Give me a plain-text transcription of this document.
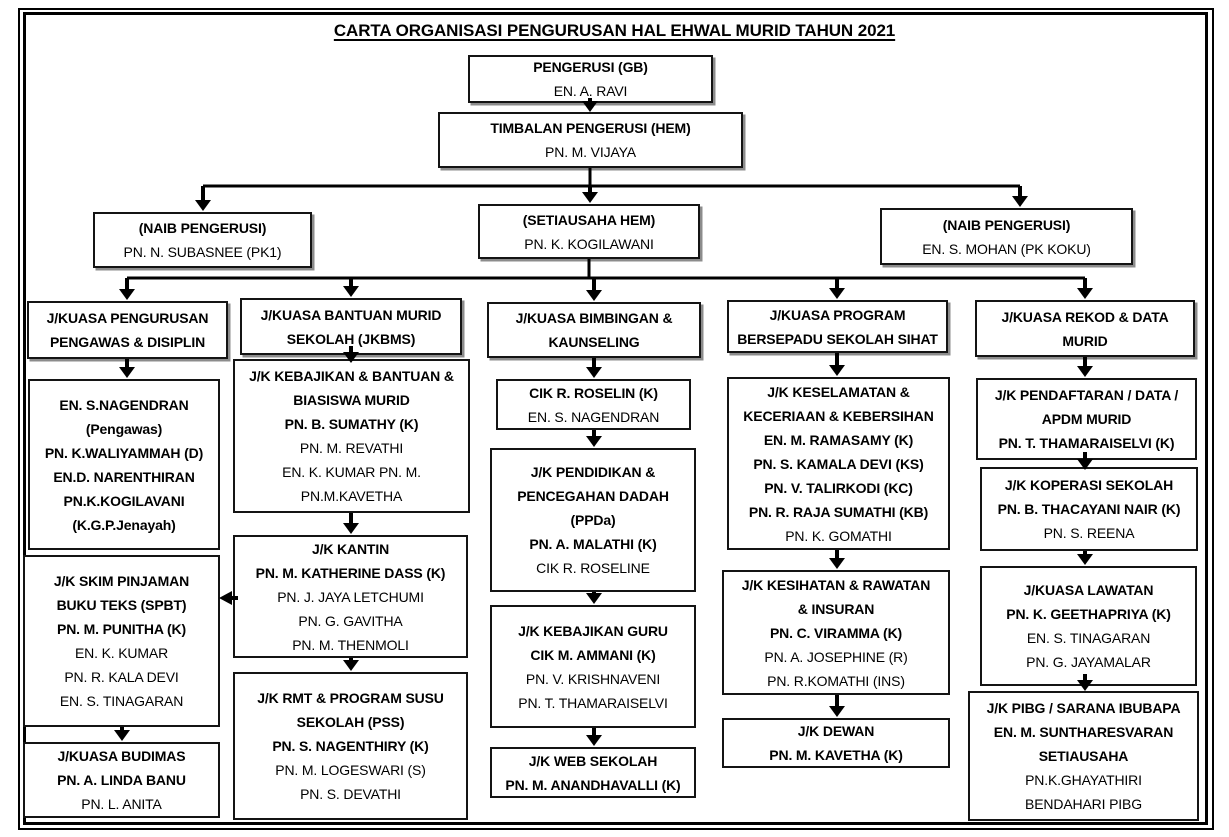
CARTA ORGANISASI PENGURUSAN HAL EHWAL MURID TAHUN 2021
PENGERUSI (GB)
EN. A. RAVI
TIMBALAN PENGERUSI (HEM)
PN. M. VIJAYA
(NAIB PENGERUSI)
PN. N. SUBASNEE (PK1)
(SETIAUSAHA HEM)
PN. K. KOGILAWANI
(NAIB PENGERUSI)
EN. S. MOHAN (PK KOKU)
J/KUASA PENGURUSAN
PENGAWAS & DISIPLIN
EN. S.NAGENDRAN
(Pengawas)
PN. K.WALIYAMMAH (D)
EN.D. NARENTHIRAN
PN.K.KOGILAVANI
(K.G.P.Jenayah)
J/K SKIM PINJAMAN
BUKU TEKS (SPBT)
PN. M. PUNITHA (K)
EN. K. KUMAR
PN. R. KALA DEVI
EN. S. TINAGARAN
J/KUASA BUDIMAS
PN. A. LINDA BANU
PN. L. ANITA
J/KUASA BANTUAN MURID
SEKOLAH (JKBMS)
J/K KEBAJIKAN & BANTUAN &
BIASISWA MURID
PN. B. SUMATHY (K)
PN. M. REVATHI
EN. K. KUMAR PN. M.
PN.M.KAVETHA
J/K KANTIN
PN. M. KATHERINE DASS (K)
PN. J. JAYA LETCHUMI
PN. G. GAVITHA
PN. M. THENMOLI
J/K RMT & PROGRAM SUSU
SEKOLAH (PSS)
PN. S. NAGENTHIRY (K)
PN. M. LOGESWARI (S)
PN. S. DEVATHI
J/KUASA BIMBINGAN &
KAUNSELING
CIK R. ROSELIN (K)
EN. S. NAGENDRAN
J/K PENDIDIKAN &
PENCEGAHAN DADAH
(PPDa)
PN. A. MALATHI (K)
CIK R. ROSELINE
J/K KEBAJIKAN GURU
CIK M. AMMANI (K)
PN. V. KRISHNAVENI
PN. T. THAMARAISELVI
J/K WEB SEKOLAH
PN. M. ANANDHAVALLI (K)
J/KUASA PROGRAM
BERSEPADU SEKOLAH SIHAT
J/K KESELAMATAN &
KECERIAAN & KEBERSIHAN
EN. M. RAMASAMY (K)
PN. S. KAMALA DEVI (KS)
PN. V. TALIRKODI (KC)
PN. R. RAJA SUMATHI (KB)
PN. K. GOMATHI
J/K KESIHATAN & RAWATAN
& INSURAN
PN. C. VIRAMMA (K)
PN. A. JOSEPHINE (R)
PN. R.KOMATHI (INS)
J/K DEWAN
PN. M. KAVETHA (K)
J/KUASA REKOD & DATA
MURID
J/K PENDAFTARAN / DATA /
APDM MURID
PN. T. THAMARAISELVI (K)
J/K KOPERASI SEKOLAH
PN. B. THACAYANI NAIR (K)
PN. S. REENA
J/KUASA LAWATAN
PN. K. GEETHAPRIYA (K)
EN. S. TINAGARAN
PN. G. JAYAMALAR
J/K PIBG / SARANA IBUBAPA
EN. M. SUNTHARESVARAN
SETIAUSAHA
PN.K.GHAYATHIRI
BENDAHARI PIBG
